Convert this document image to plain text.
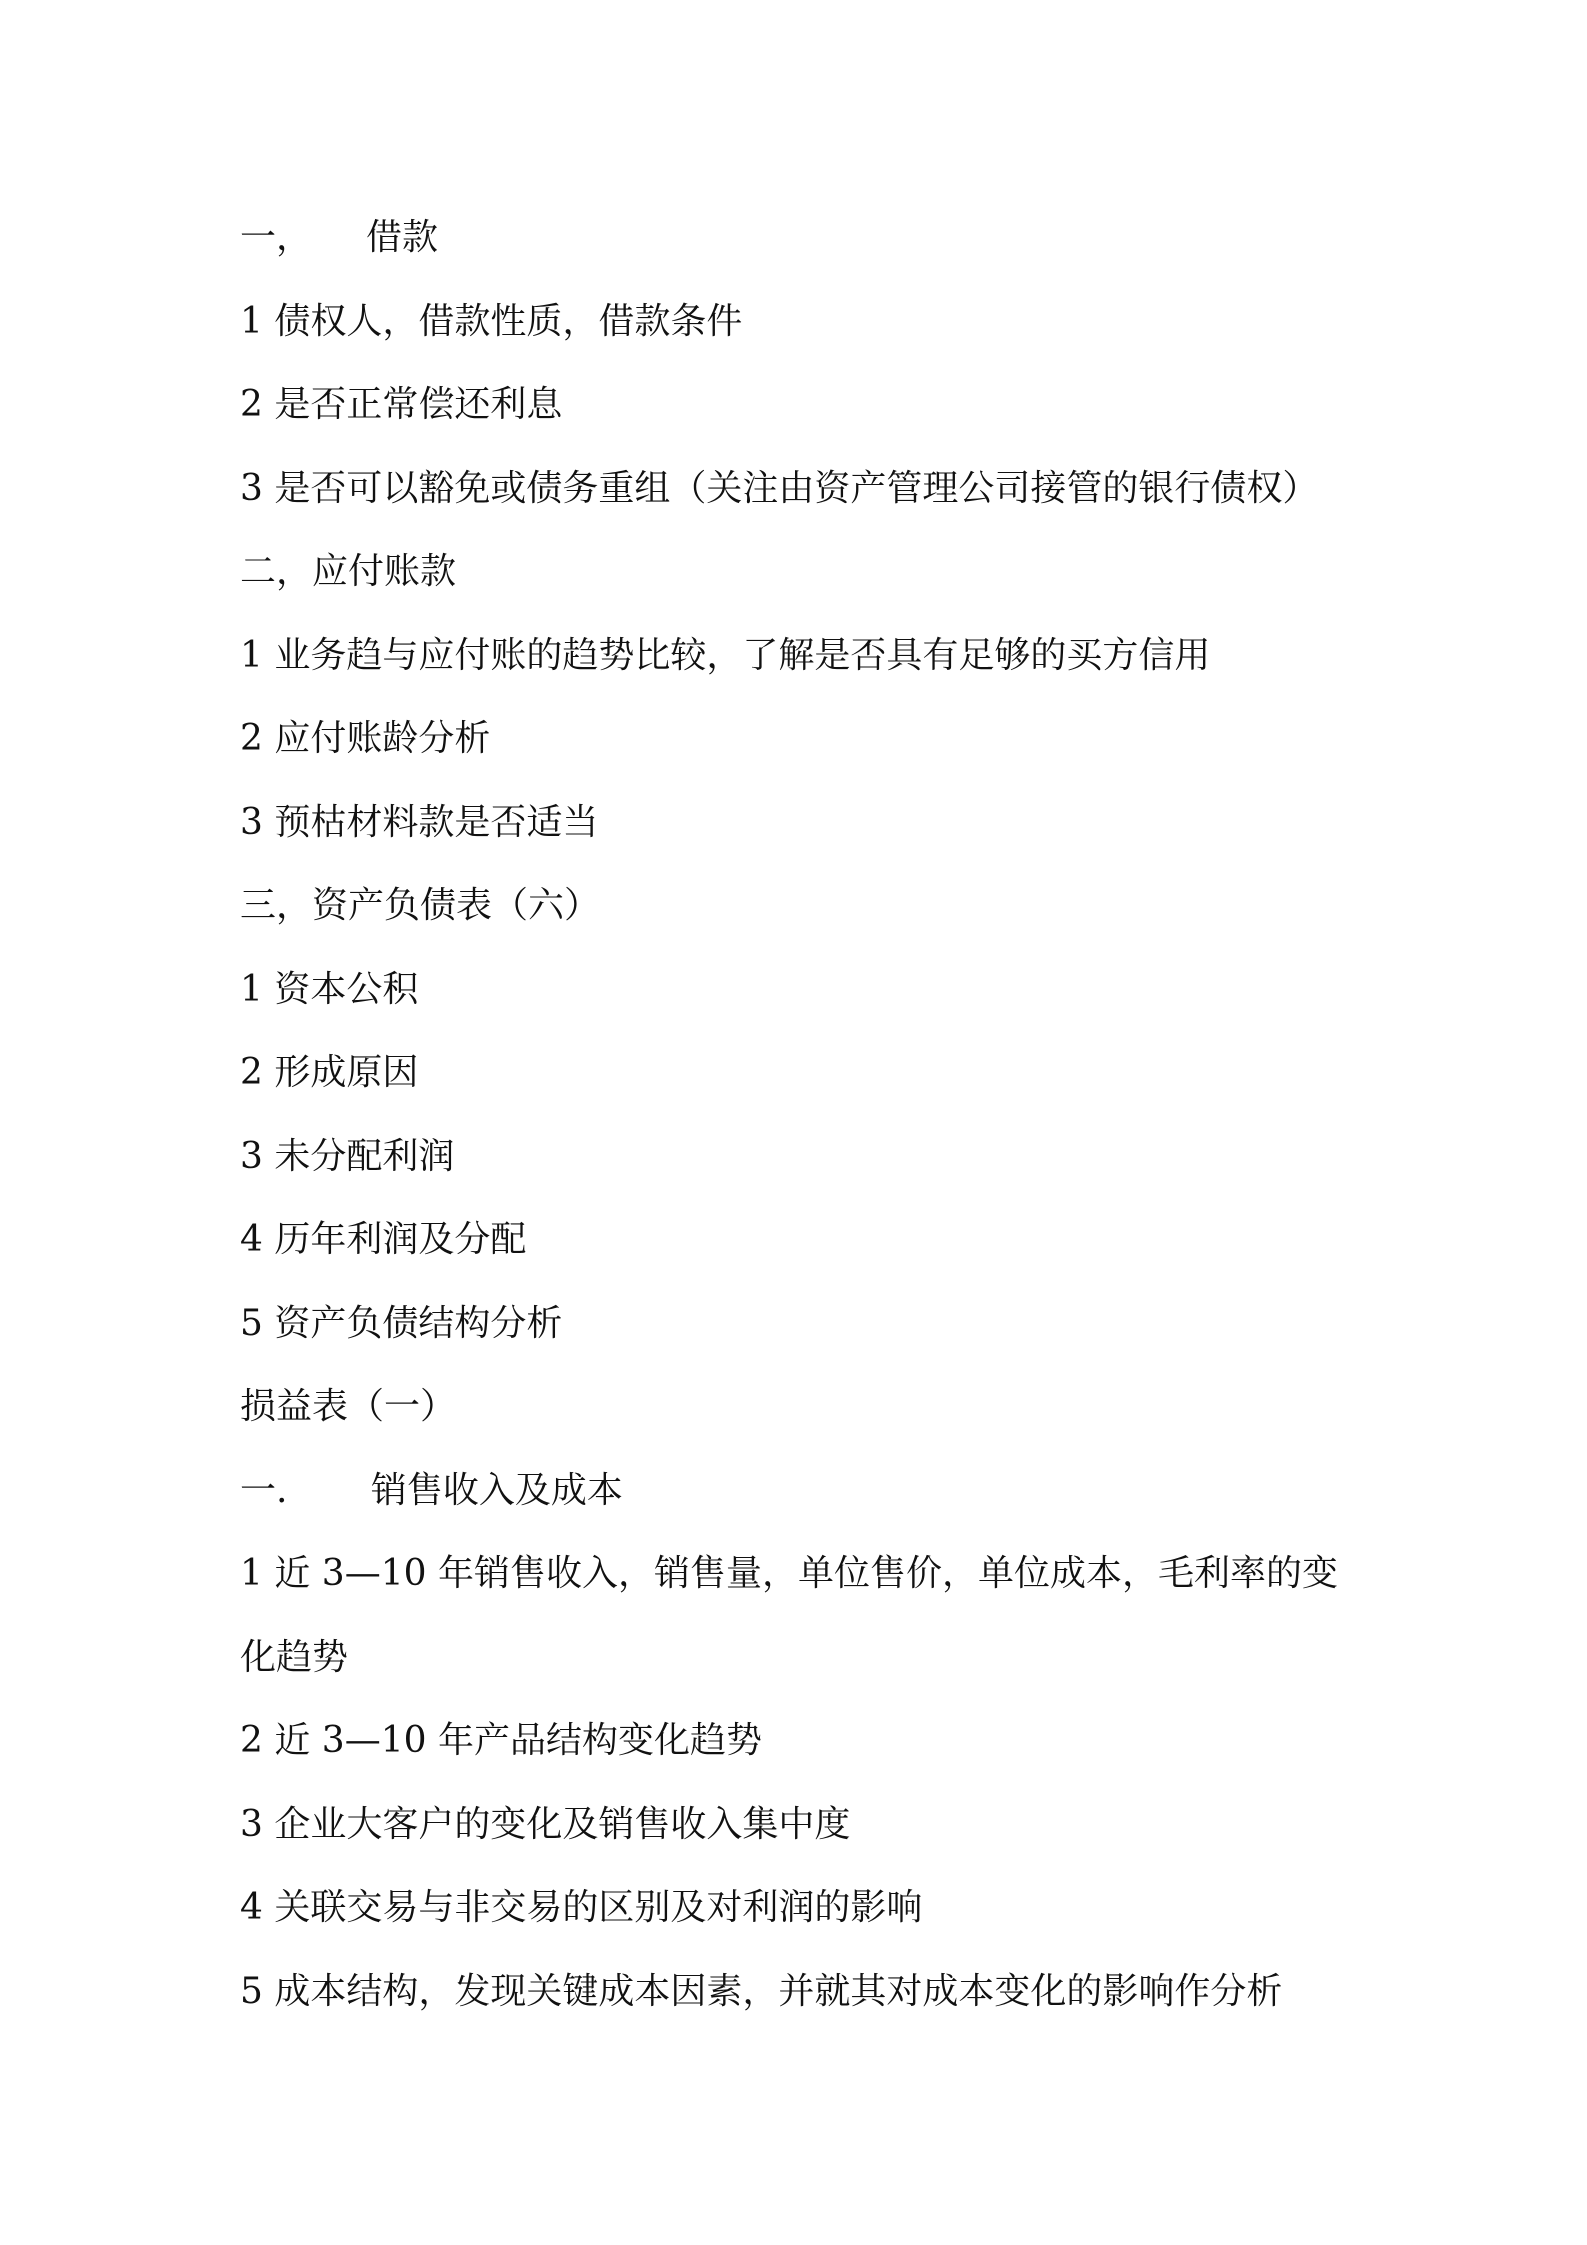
一，　　借款

1 债权人，借款性质，借款条件

2 是否正常偿还利息

3 是否可以豁免或债务重组（关注由资产管理公司接管的银行债权）

二，应付账款

1 业务趋与应付账的趋势比较，了解是否具有足够的买方信用

2 应付账龄分析

3 预枯材料款是否适当

三，资产负债表（六）

1 资本公积

2 形成原因

3 未分配利润

4 历年利润及分配

5 资产负债结构分析

损益表（一）

一.　　 销售收入及成本

1 近 3—10 年销售收入，销售量，单位售价，单位成本，毛利率的变

化趋势

2 近 3—10 年产品结构变化趋势

3 企业大客户的变化及销售收入集中度

4 关联交易与非交易的区别及对利润的影响

5 成本结构，发现关键成本因素，并就其对成本变化的影响作分析
